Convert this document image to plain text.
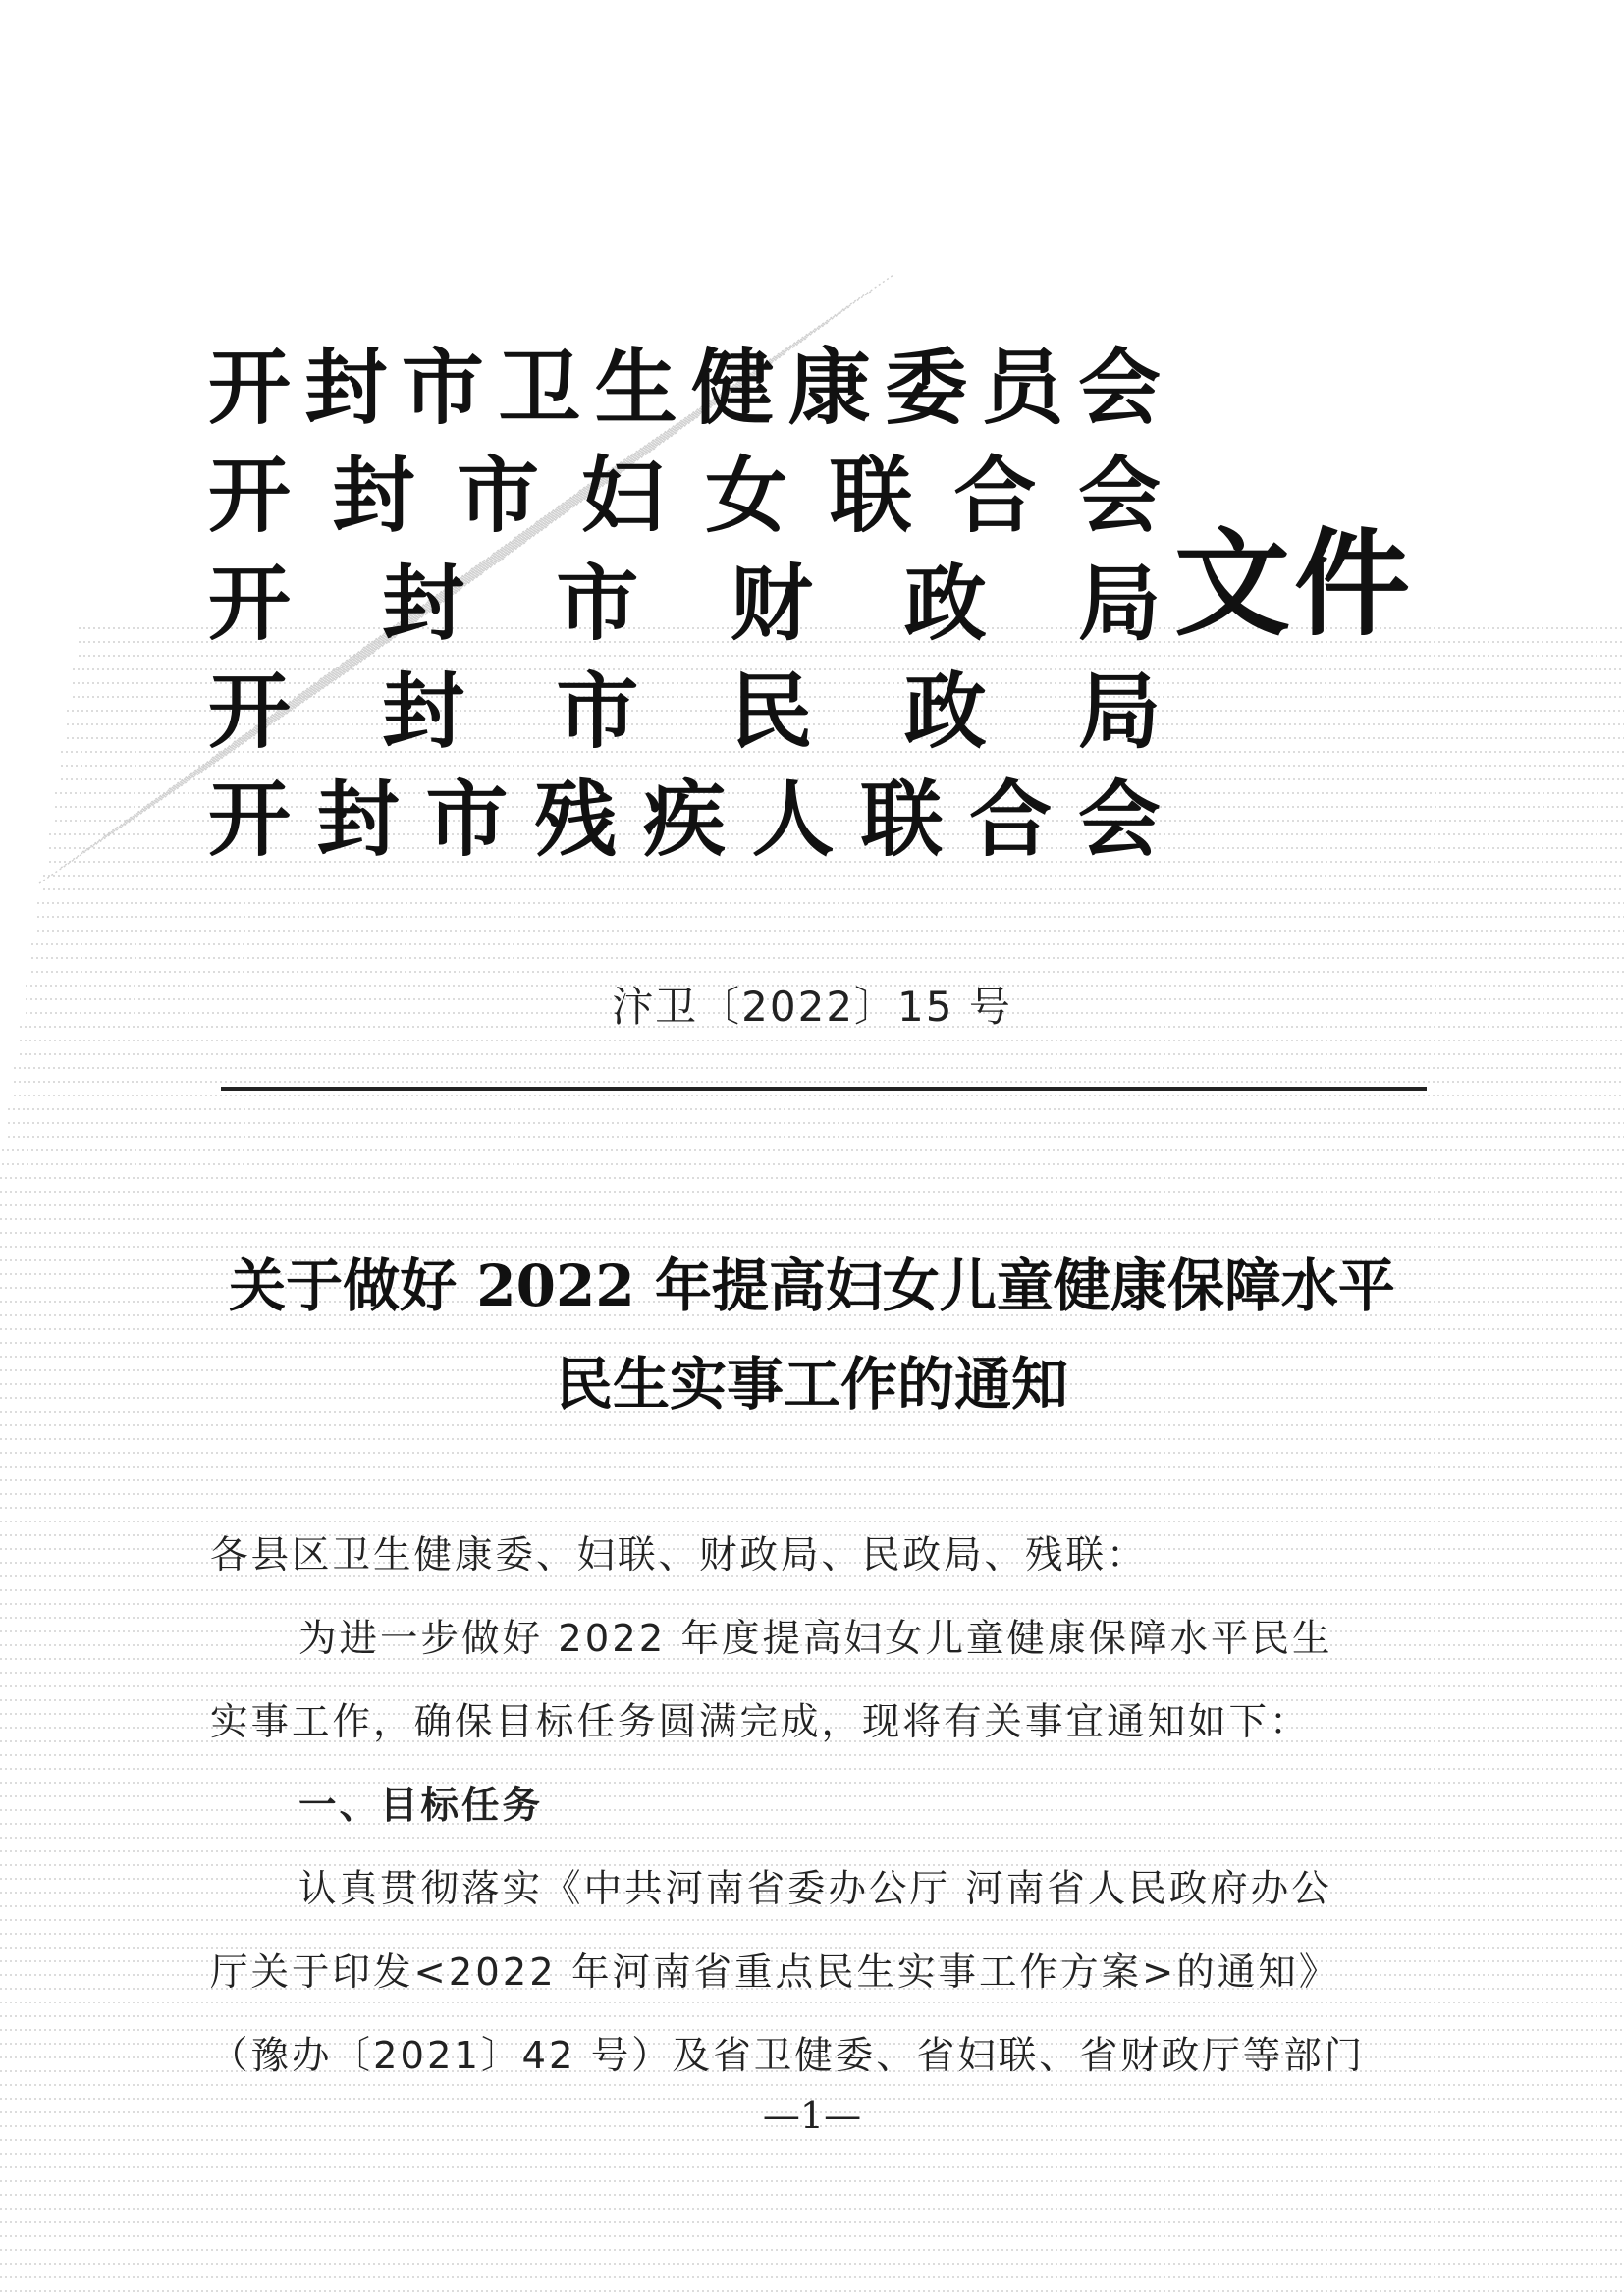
开 封 市 卫 生 健 康 委 员 会
开 封 市 妇 女 联 合 会
开 封 市 财 政 局
开 封 市 民 政 局
开 封 市 残 疾 人 联 合 会
文件
汴卫〔2022〕15 号
关于做好 2022 年提高妇女儿童健康保障水平
民生实事工作的通知

各县区卫生健康委、妇联、财政局、民政局、残联：

为进一步做好 2022 年度提高妇女儿童健康保障水平民生

实事工作，确保目标任务圆满完成，现将有关事宜通知如下：

一、目标任务

认真贯彻落实《中共河南省委办公厅 河南省人民政府办公

厅关于印发<2022 年河南省重点民生实事工作方案>的通知》

（豫办〔2021〕42 号）及省卫健委、省妇联、省财政厅等部门

—1—
